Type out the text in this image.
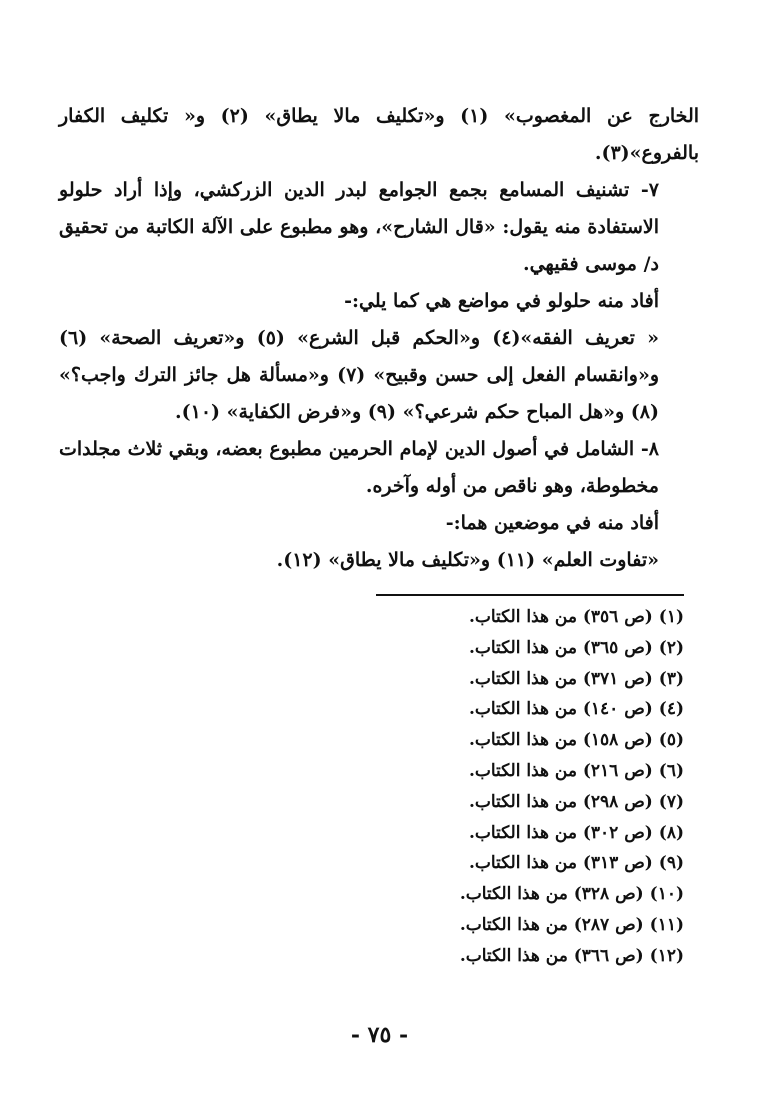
الخارج عن المغصوب» (١) و«تكليف مالا يطاق» (٢) و« تكليف الكفار بالفروع»(٣).

٧- تشنيف المسامع بجمع الجوامع لبدر الدين الزركشي، وإذا أراد حلولو الاستفادة منه يقول: «قال الشارح»، وهو مطبوع على الآلة الكاتبة من تحقيق د/ موسى فقيهي.

أفاد منه حلولو في مواضع هي كما يلي:-

« تعريف الفقه»(٤) و«الحكم قبل الشرع» (٥) و«تعريف الصحة» (٦) و«وانقسام الفعل إلى حسن وقبيح» (٧) و«مسألة هل جائز الترك واجب؟» (٨) و«هل المباح حكم شرعي؟» (٩) و«فرض الكفاية» (١٠).

٨- الشامل في أصول الدين لإمام الحرمين مطبوع بعضه، وبقي ثلاث مجلدات مخطوطة، وهو ناقص من أوله وآخره.

أفاد منه في موضعين هما:-

«تفاوت العلم» (١١) و«تكليف مالا يطاق» (١٢).

(١) (ص ٣٥٦) من هذا الكتاب.
(٢) (ص ٣٦٥) من هذا الكتاب.
(٣) (ص ٣٧١) من هذا الكتاب.
(٤) (ص ١٤٠) من هذا الكتاب.
(٥) (ص ١٥٨) من هذا الكتاب.
(٦) (ص ٢١٦) من هذا الكتاب.
(٧) (ص ٢٩٨) من هذا الكتاب.
(٨) (ص ٣٠٢) من هذا الكتاب.
(٩) (ص ٣١٣) من هذا الكتاب.
(١٠) (ص ٣٢٨) من هذا الكتاب.
(١١) (ص ٢٨٧) من هذا الكتاب.
(١٢) (ص ٣٦٦) من هذا الكتاب.
- ٧٥ -
